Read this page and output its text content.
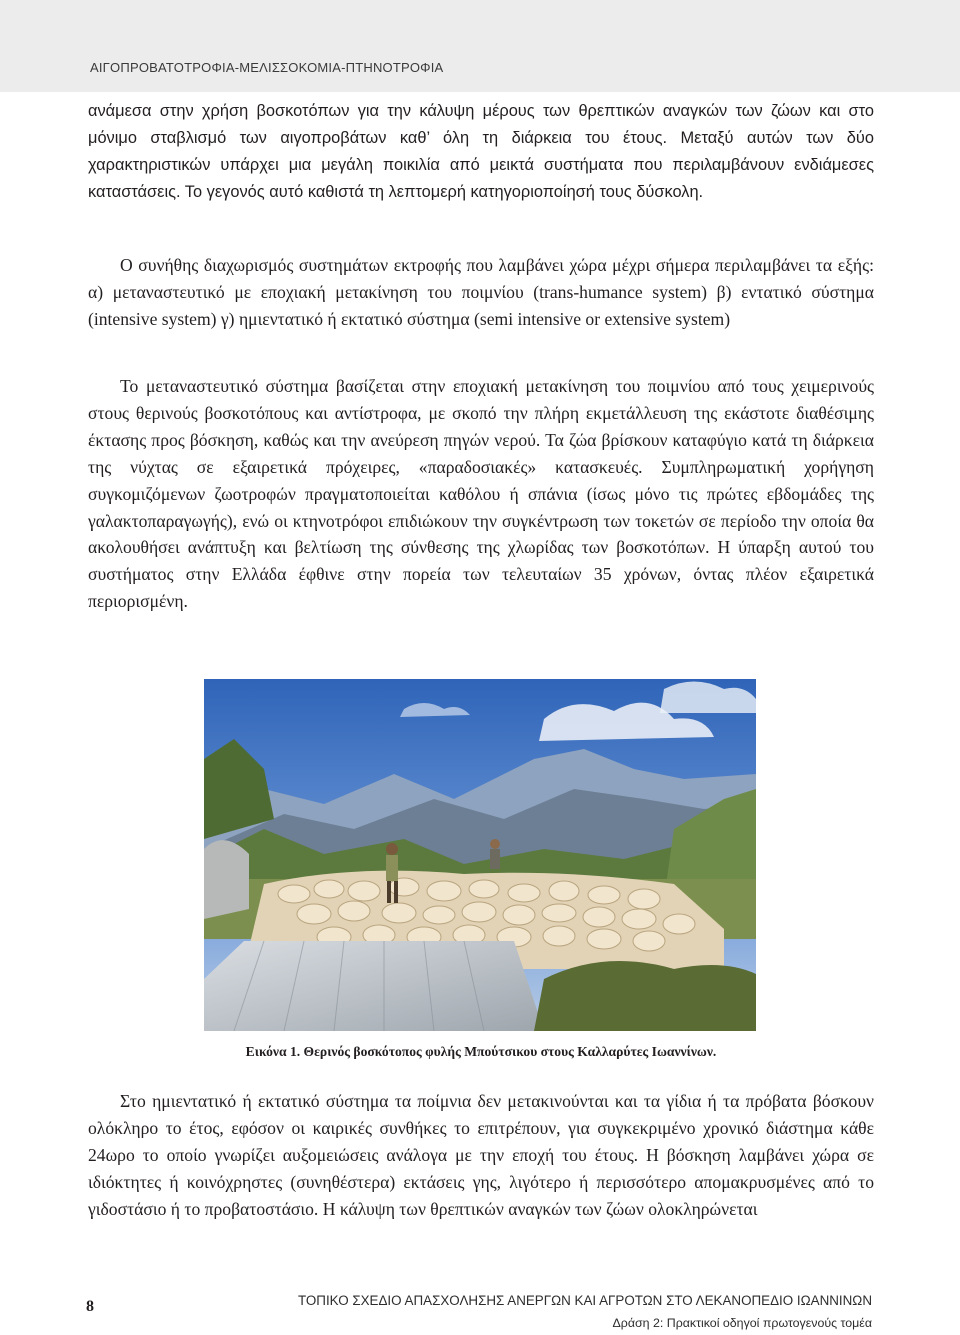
ΑΙΓΟΠΡΟΒΑΤΟΤΡΟΦΙΑ-ΜΕΛΙΣΣΟΚΟΜΙΑ-ΠΤΗΝΟΤΡΟΦΙΑ

ανάμεσα στην χρήση βοσκοτόπων για την κάλυψη μέρους των θρεπτικών αναγκών των ζώων και στο μόνιμο σταβλισμό των αιγοπροβάτων καθ’ όλη τη διάρκεια του έτους. Μεταξύ αυτών των δύο χαρακτηριστικών υπάρχει μια μεγάλη ποικιλία από μεικτά συστήματα που περιλαμβάνουν ενδιάμεσες καταστάσεις. Το γεγονός αυτό καθιστά τη λεπτομερή κατηγοριοποίησή τους δύσκολη.

Ο συνήθης διαχωρισμός συστημάτων εκτροφής που λαμβάνει χώρα μέχρι σήμερα περιλαμβάνει τα εξής: α) μεταναστευτικό με εποχιακή μετακίνηση του ποιμνίου (trans-humance system) β) εντατικό σύστημα (intensive system) γ) ημιεντατικό ή εκτατικό σύστημα (semi intensive or extensive system)

Το μεταναστευτικό σύστημα βασίζεται στην εποχιακή μετακίνηση του ποιμνίου από τους χειμερινούς στους θερινούς βοσκοτόπους και αντίστροφα, με σκοπό την πλήρη εκμετάλλευση της εκάστοτε διαθέσιμης έκτασης προς βόσκηση, καθώς και την ανεύρεση πηγών νερού. Τα ζώα βρίσκουν καταφύγιο κατά τη διάρκεια της νύχτας σε εξαιρετικά πρόχειρες, «παραδοσιακές» κατασκευές. Συμπληρωματική χορήγηση συγκομιζόμενων ζωοτροφών πραγματοποιείται καθόλου ή σπάνια (ίσως μόνο τις πρώτες εβδομάδες της γαλακτοπαραγωγής), ενώ οι κτηνοτρόφοι επιδιώκουν την συγκέντρωση των τοκετών σε περίοδο την οποία θα ακολουθήσει ανάπτυξη και βελτίωση της σύνθεσης της χλωρίδας των βοσκοτόπων. Η ύπαρξη αυτού του συστήματος στην Ελλάδα έφθινε στην πορεία των τελευταίων 35 χρόνων, όντας πλέον εξαιρετικά περιορισμένη.

Εικόνα 1. Θερινός βοσκότοπος φυλής Μπούτσικου στους Καλλαρύτες Ιωαννίνων.

Στο ημιεντατικό ή εκτατικό σύστημα τα ποίμνια δεν μετακινούνται και τα γίδια ή τα πρόβατα βόσκουν ολόκληρο το έτος, εφόσον οι καιρικές συνθήκες το επιτρέπουν, για συγκεκριμένο χρονικό διάστημα κάθε 24ωρο το οποίο γνωρίζει αυξομειώσεις ανάλογα με την εποχή του έτους. Η βόσκηση λαμβάνει χώρα σε ιδιόκτητες ή κοινόχρηστες (συνηθέστερα) εκτάσεις γης, λιγότερο ή περισσότερο απομακρυσμένες από το γιδοστάσιο ή το προβατοστάσιο. Η κάλυψη των θρεπτικών αναγκών των ζώων ολοκληρώνεται

8	ΤΟΠΙΚΟ ΣΧΕΔΙΟ ΑΠΑΣΧΟΛΗΣΗΣ ΑΝΕΡΓΩΝ ΚΑΙ ΑΓΡΟΤΩΝ ΣΤΟ ΛΕΚΑΝΟΠΕΔΙΟ ΙΩΑΝΝΙΝΩΝ
Δράση 2: Πρακτικοί οδηγοί πρωτογενούς τομέα
